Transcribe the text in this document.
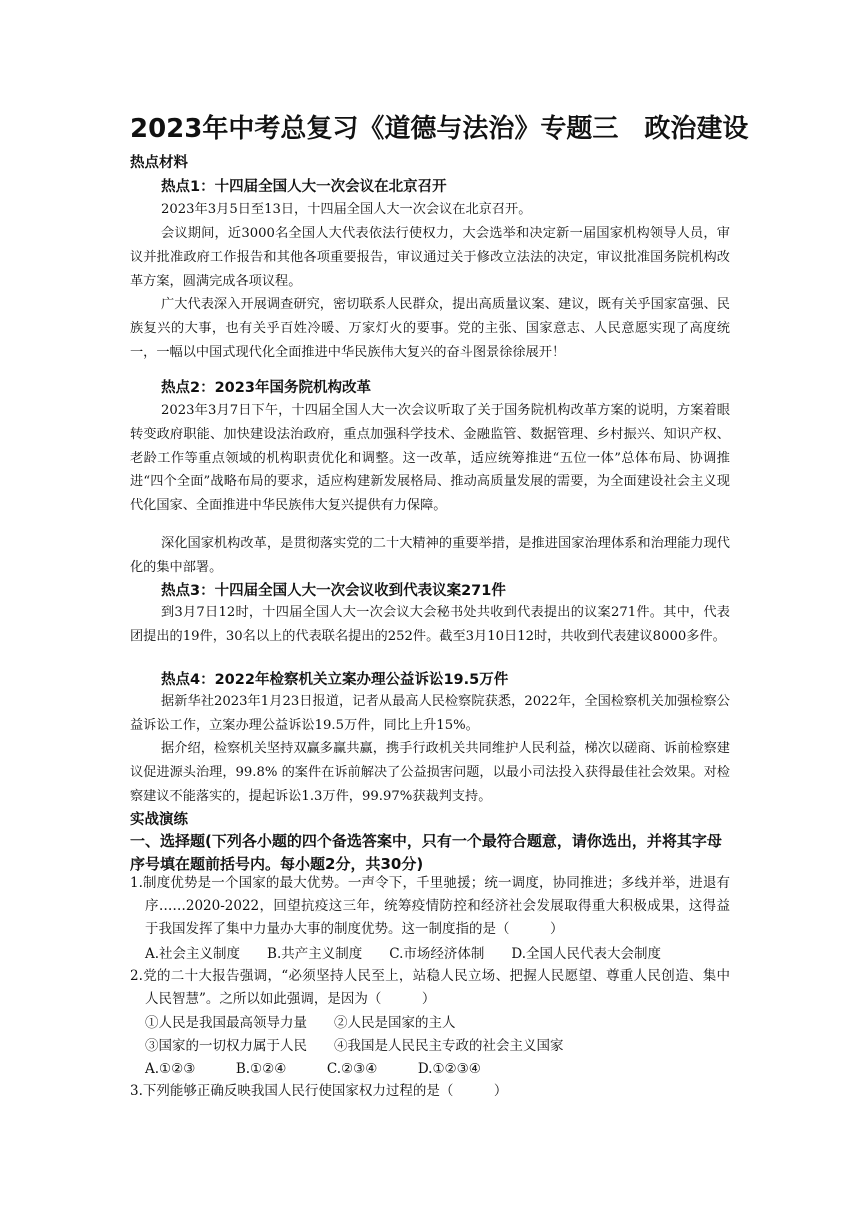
2023年中考总复习《道德与法治》专题三　政治建设
热点材料
热点1：十四届全国人大一次会议在北京召开
2023年3月5日至13日，十四届全国人大一次会议在北京召开。
会议期间，近3000名全国人大代表依法行使权力，大会选举和决定新一届国家机构领导人员，审议并批准政府工作报告和其他各项重要报告，审议通过关于修改立法法的决定，审议批准国务院机构改革方案，圆满完成各项议程。
广大代表深入开展调查研究，密切联系人民群众，提出高质量议案、建议，既有关乎国家富强、民族复兴的大事，也有关乎百姓冷暖、万家灯火的要事。党的主张、国家意志、人民意愿实现了高度统一，一幅以中国式现代化全面推进中华民族伟大复兴的奋斗图景徐徐展开！
热点2：2023年国务院机构改革
2023年3月7日下午，十四届全国人大一次会议听取了关于国务院机构改革方案的说明，方案着眼转变政府职能、加快建设法治政府，重点加强科学技术、金融监管、数据管理、乡村振兴、知识产权、老龄工作等重点领域的机构职责优化和调整。这一改革，适应统筹推进“五位一体”总体布局、协调推进“四个全面”战略布局的要求，适应构建新发展格局、推动高质量发展的需要，为全面建设社会主义现代化国家、全面推进中华民族伟大复兴提供有力保障。
深化国家机构改革，是贯彻落实党的二十大精神的重要举措，是推进国家治理体系和治理能力现代化的集中部署。
热点3：十四届全国人大一次会议收到代表议案271件
到3月7日12时，十四届全国人大一次会议大会秘书处共收到代表提出的议案271件。其中，代表团提出的19件，30名以上的代表联名提出的252件。截至3月10日12时，共收到代表建议8000多件。
热点4：2022年检察机关立案办理公益诉讼19.5万件
据新华社2023年1月23日报道，记者从最高人民检察院获悉，2022年，全国检察机关加强检察公益诉讼工作，立案办理公益诉讼19.5万件，同比上升15%。
据介绍，检察机关坚持双赢多赢共赢，携手行政机关共同维护人民利益，梯次以磋商、诉前检察建议促进源头治理，99.8% 的案件在诉前解决了公益损害问题，以最小司法投入获得最佳社会效果。对检察建议不能落实的，提起诉讼1.3万件，99.97%获裁判支持。
实战演练
一、选择题(下列各小题的四个备选答案中，只有一个最符合题意，请你选出，并将其字母序号填在题前括号内。每小题2分，共30分)
1.制度优势是一个国家的最大优势。一声令下，千里驰援；统一调度，协同推进；多线并举，进退有序……2020-2022，回望抗疫这三年，统筹疫情防控和经济社会发展取得重大积极成果，这得益于我国发挥了集中力量办大事的制度优势。这一制度指的是（　　　）
A.社会主义制度　　B.共产主义制度　　C.市场经济体制　　D.全国人民代表大会制度
2.党的二十大报告强调，“必须坚持人民至上，站稳人民立场、把握人民愿望、尊重人民创造、集中人民智慧”。之所以如此强调，是因为（　　　）
①人民是我国最高领导力量　　②人民是国家的主人
③国家的一切权力属于人民　　④我国是人民民主专政的社会主义国家
A.①②③　　　B.①②④　　　C.②③④　　　D.①②③④
3.下列能够正确反映我国人民行使国家权力过程的是（　　　）
